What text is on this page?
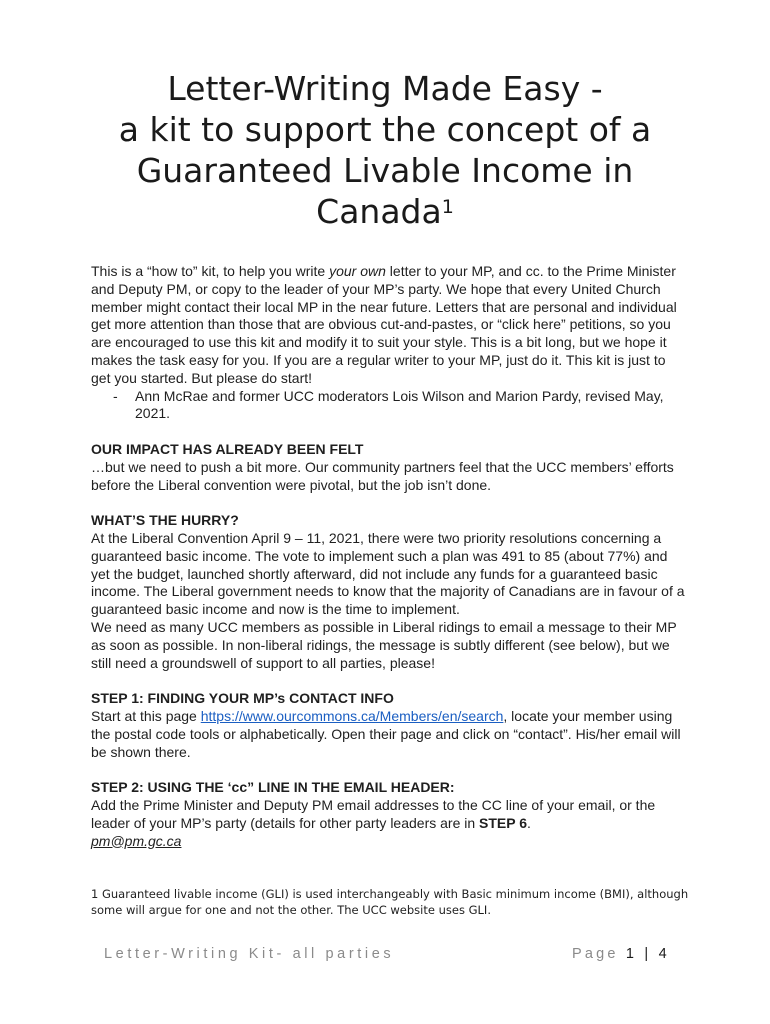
Letter-Writing Made Easy -
a kit to support the concept of a
Guaranteed Livable Income in
Canada$^1$

This is a “how to” kit, to help you write your own letter to your MP, and cc. to the Prime Minister and Deputy PM, or copy to the leader of your MP’s party. We hope that every United Church member might contact their local MP in the near future. Letters that are personal and individual get more attention than those that are obvious cut-and-pastes, or “click here” petitions, so you are encouraged to use this kit and modify it to suit your style. This is a bit long, but we hope it makes the task easy for you. If you are a regular writer to your MP, just do it. This kit is just to get you started. But please do start!

-	Ann McRae and former UCC moderators Lois Wilson and Marion Pardy, revised May, 2021.

OUR IMPACT HAS ALREADY BEEN FELT

…but we need to push a bit more. Our community partners feel that the UCC members’ efforts before the Liberal convention were pivotal, but the job isn’t done.

WHAT’S THE HURRY?

At the Liberal Convention April 9 – 11, 2021, there were two priority resolutions concerning a guaranteed basic income. The vote to implement such a plan was 491 to 85 (about 77%) and yet the budget, launched shortly afterward, did not include any funds for a guaranteed basic income. The Liberal government needs to know that the majority of Canadians are in favour of a guaranteed basic income and now is the time to implement.

We need as many UCC members as possible in Liberal ridings to email a message to their MP as soon as possible. In non-liberal ridings, the message is subtly different (see below), but we still need a groundswell of support to all parties, please!

STEP 1: FINDING YOUR MP’s CONTACT INFO

Start at this page https://www.ourcommons.ca/Members/en/search, locate your member using the postal code tools or alphabetically. Open their page and click on “contact”. His/her email will be shown there.

STEP 2: USING THE ‘cc” LINE IN THE EMAIL HEADER:

Add the Prime Minister and Deputy PM email addresses to the CC line of your email, or the leader of your MP’s party (details for other party leaders are in STEP 6.

pm@pm.gc.ca

1 Guaranteed livable income (GLI) is used interchangeably with Basic minimum income (BMI), although some will argue for one and not the other. The UCC website uses GLI.
Letter-Writing Kit- all parties	Page 1 | 4
